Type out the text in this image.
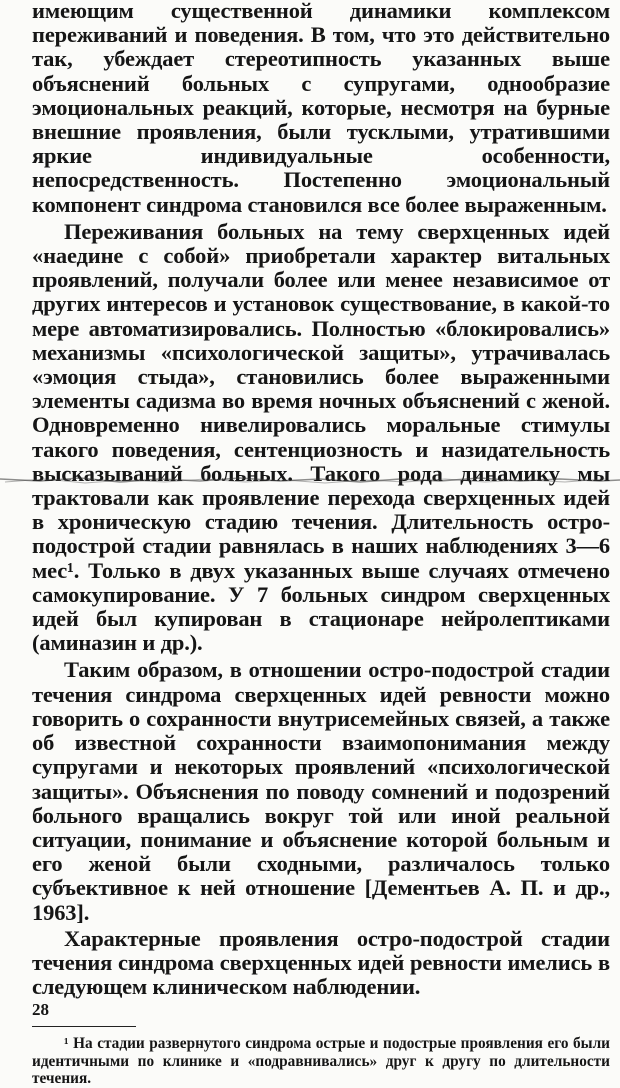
имеющим существенной динамики комплексом переживаний и поведения. В том, что это действительно так, убеждает стереотипность указанных выше объяснений больных с супругами, однообразие эмоциональных реакций, которые, несмотря на бурные внешние проявления, были тусклыми, утратившими яркие индивидуальные особенности, непосредственность. Постепенно эмоциональный компонент синдрома становился все более выраженным.

Переживания больных на тему сверхценных идей «наедине с собой» приобретали характер витальных проявлений, получали более или менее независимое от других интересов и установок существование, в какой-то мере автоматизировались. Полностью «блокировались» механизмы «психологической защиты», утрачивалась «эмоция стыда», становились более выраженными элементы садизма во время ночных объяснений с женой. Одновременно нивелировались моральные стимулы такого поведения, сентенциозность и назидательность высказываний больных. Такого рода динамику мы трактовали как проявление перехода сверхценных идей в хроническую стадию течения. Длительность остро-подострой стадии равнялась в наших наблюдениях 3—6 мес¹. Только в двух указанных выше случаях отмечено самокупирование. У 7 больных синдром сверхценных идей был купирован в стационаре нейролептиками (аминазин и др.).

Таким образом, в отношении остро-подострой стадии течения синдрома сверхценных идей ревности можно говорить о сохранности внутрисемейных связей, а также об известной сохранности взаимопонимания между супругами и некоторых проявлений «психологической защиты». Объяснения по поводу сомнений и подозрений больного вращались вокруг той или иной реальной ситуации, понимание и объяснение которой больным и его женой были сходными, различалось только субъективное к ней отношение [Дементьев А. П. и др., 1963].

Характерные проявления остро-подострой стадии течения синдрома сверхценных идей ревности имелись в следующем клиническом наблюдении.

¹ На стадии развернутого синдрома острые и подострые проявления его были идентичными по клинике и «подравнивались» друг к другу по длительности течения.

28
